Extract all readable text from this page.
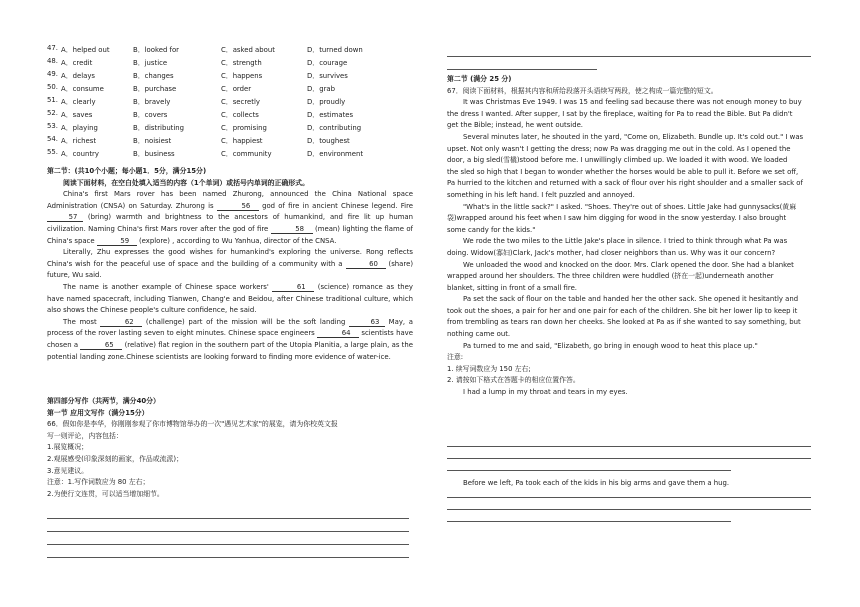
47. A．helped out	B．looked for	C．asked about	D．turned down
48. A．credit	B．justice	C．strength	D．courage
49. A．delays	B．changes	C．happens	D．survives
50. A．consume	B．purchase	C．order	D．grab
51. A．clearly	B．bravely	C．secretly	D．proudly
52. A．saves	B．covers	C．collects	D．estimates
53. A．playing	B．distributing	C．promising	D．contributing
54. A．richest	B．noisiest	C．happiest	D．toughest
55. A．country	B．business	C．community	D．environment
第二节：(共10个小题；每小题1．5分，满分15分)
阅读下面材料，在空白处填入适当的内容（1个单词）或括号内单词的正确形式。
China's first Mars rover has been named Zhurong, announced the China National space Administration (CNSA) on Saturday. Zhurong is	56 god of fire in ancient Chinese legend. Fire 57 (bring) warmth and brightness to the ancestors of humankind, and fire lit up human civilization. Naming China's first Mars rover after the god of fire	58 (mean) lighting the flame of China's space	59 (explore) , according to Wu Yanhua, director of the CNSA.
Literally, Zhu expresses the good wishes for humankind's exploring the universe. Rong reflects China's wish for the peaceful use of space and the building of a community with a	60 (share) future, Wu said.
The name is another example of Chinese space workers'	61 (science) romance as they have named spacecraft, including Tianwen, Chang'e and Beidou, after Chinese traditional culture, which also shows the Chinese people's culture confidence, he said.
The most	62 (challenge) part of the mission will be the soft landing	63 May, a process of the rover lasting seven to eight minutes. Chinese space engineers	64 scientists have chosen a	65 (relative) flat region in the southern part of the Utopia Planitia, a large plain, as the potential landing zone.Chinese scientists are looking forward to finding more evidence of water-ice.
第四部分写作（共两节，满分40分）
第一节 应用文写作（满分15分）
66．假如你是李华，你刚刚参观了你市博物馆举办的一次"遇见艺术家"的展览，请为你校英文报
写一则评论，内容包括：
1.展览概况；
2.观展感受(印象深刻的画家，作品或流派)；
3.意见建议。
注意：1.写作词数应为 80 左右；
2.为使行文连贯，可以适当增加细节。
第二节 (满分 25 分)
67．阅读下面材料，根据其内容和所给段落开头语续写两段，使之构成一篇完整的短文。
It was Christmas Eve 1949. I was 15 and feeling sad because there was not enough money to buy
the dress I wanted. After supper, I sat by the fireplace, waiting for Pa to read the Bible. But Pa didn't
get the Bible; instead, he went outside.
Several minutes later, he shouted in the yard, "Come on, Elizabeth. Bundle up. It's cold out." I was
upset. Not only wasn't I getting the dress; now Pa was dragging me out in the cold. As I opened the
door, a big sled(雪橇)stood before me. I unwillingly climbed up. We loaded it with wood. We loaded
the sled so high that I began to wonder whether the horses would be able to pull it. Before we set off,
Pa hurried to the kitchen and returned with a sack of flour over his right shoulder and a smaller sack of
something in his left hand. I felt puzzled and annoyed.
"What's in the little sack?" I asked. "Shoes. They're out of shoes. Little Jake had gunnysacks(黄麻
袋)wrapped around his feet when I saw him digging for wood in the snow yesterday. I also brought
some candy for the kids."
We rode the two miles to the Little Jake's place in silence. I tried to think through what Pa was
doing. Widow(寡妇)Clark, Jack's mother, had closer neighbors than us. Why was it our concern?
We unloaded the wood and knocked on the door. Mrs. Clark opened the door. She had a blanket
wrapped around her shoulders. The three children were huddled (挤在一起)underneath another
blanket, sitting in front of a small fire.
Pa set the sack of flour on the table and handed her the other sack. She opened it hesitantly and
took out the shoes, a pair for her and one pair for each of the children. She bit her lower lip to keep it
from trembling as tears ran down her cheeks. She looked at Pa as if she wanted to say something, but
nothing came out.
Pa turned to me and said, "Elizabeth, go bring in enough wood to heat this place up."
注意:
1. 续写词数应为 150 左右;
2. 请按如下格式在答题卡的相应位置作答。
I had a lump in my throat and tears in my eyes.
Before we left, Pa took each of the kids in his big arms and gave them a hug.
